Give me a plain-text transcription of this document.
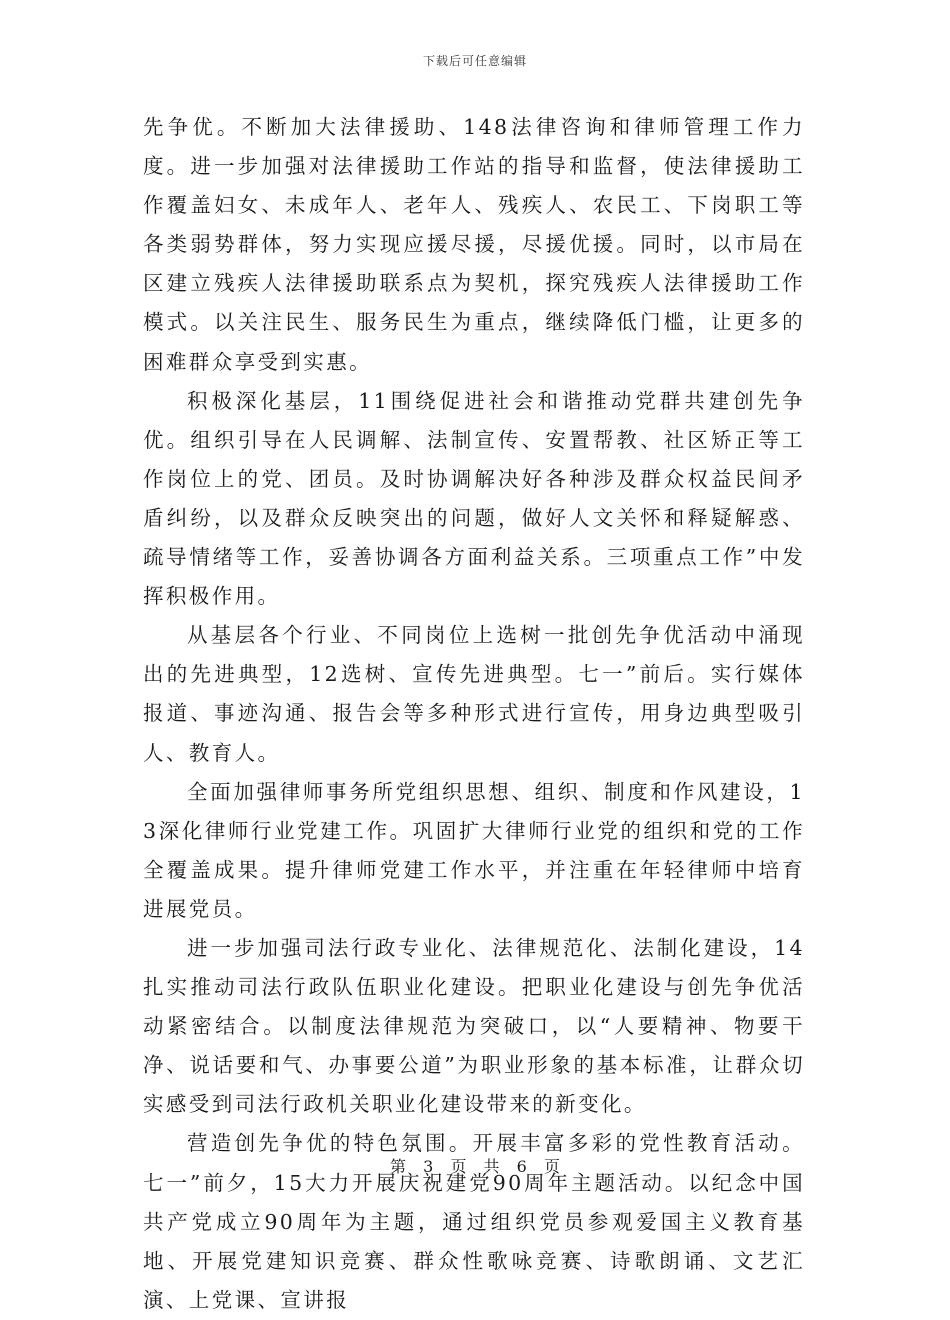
下载后可任意编辑

先争优。不断加大法律援助、148法律咨询和律师管理工作力度。进一步加强对法律援助工作站的指导和监督，使法律援助工作覆盖妇女、未成年人、老年人、残疾人、农民工、下岗职工等各类弱势群体，努力实现应援尽援，尽援优援。同时，以市局在区建立残疾人法律援助联系点为契机，探究残疾人法律援助工作模式。以关注民生、服务民生为重点，继续降低门槛，让更多的困难群众享受到实惠。

积极深化基层，11围绕促进社会和谐推动党群共建创先争优。组织引导在人民调解、法制宣传、安置帮教、社区矫正等工作岗位上的党、团员。及时协调解决好各种涉及群众权益民间矛盾纠纷，以及群众反映突出的问题，做好人文关怀和释疑解惑、疏导情绪等工作，妥善协调各方面利益关系。三项重点工作”中发挥积极作用。

从基层各个行业、不同岗位上选树一批创先争优活动中涌现出的先进典型，12选树、宣传先进典型。七一”前后。实行媒体报道、事迹沟通、报告会等多种形式进行宣传，用身边典型吸引人、教育人。

全面加强律师事务所党组织思想、组织、制度和作风建设，13深化律师行业党建工作。巩固扩大律师行业党的组织和党的工作全覆盖成果。提升律师党建工作水平，并注重在年轻律师中培育进展党员。

进一步加强司法行政专业化、法律规范化、法制化建设，14扎实推动司法行政队伍职业化建设。把职业化建设与创先争优活动紧密结合。以制度法律规范为突破口，以“人要精神、物要干净、说话要和气、办事要公道”为职业形象的基本标准，让群众切实感受到司法行政机关职业化建设带来的新变化。

营造创先争优的特色氛围。开展丰富多彩的党性教育活动。七一”前夕，15大力开展庆祝建党90周年主题活动。以纪念中国共产党成立90周年为主题，通过组织党员参观爱国主义教育基地、开展党建知识竞赛、群众性歌咏竞赛、诗歌朗诵、文艺汇演、上党课、宣讲报

第 3 页 共 6 页
